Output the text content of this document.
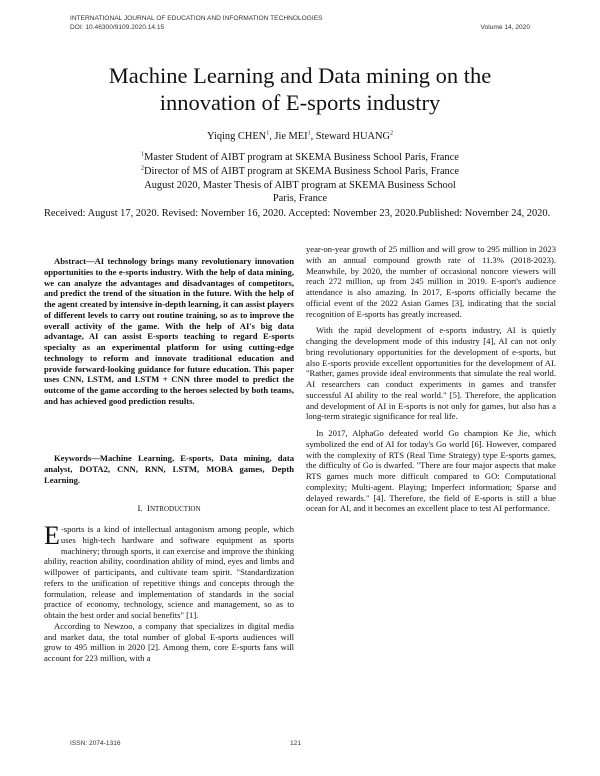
INTERNATIONAL JOURNAL OF EDUCATION AND INFORMATION TECHNOLOGIES
DOI: 10.46300/9109.2020.14.15	Volume 14, 2020
Machine Learning and Data mining on the
innovation of E-sports industry
Yiqing CHEN$^1$, Jie MEI$^1$, Steward HUANG$^2$
$^1$Master Student of AIBT program at SKEMA Business School Paris, France
$^2$Director of MS of AIBT program at SKEMA Business School Paris, France
August 2020, Master Thesis of AIBT program at SKEMA Business School
Paris, France
Received: August 17, 2020. Revised: November 16, 2020. Accepted: November 23, 2020.Published: November 24, 2020.

Abstract—AI technology brings many revolutionary innovation opportunities to the e-sports industry. With the help of data mining, we can analyze the advantages and disadvantages of competitors, and predict the trend of the situation in the future. With the help of the agent created by intensive in-depth learning, it can assist players of different levels to carry out routine training, so as to improve the overall activity of the game. With the help of AI's big data advantage, AI can assist E-sports teaching to regard E-sports specialty as an experimental platform for using cutting-edge technology to reform and innovate traditional education and provide forward-looking guidance for future education. This paper uses CNN, LSTM, and LSTM + CNN three model to predict the outcome of the game according to the heroes selected by both teams, and has achieved good prediction results.

Keywords—Machine Learning, E-sports, Data mining, data analyst, DOTA2, CNN, RNN, LSTM, MOBA games, Depth Learning.

I. INTRODUCTION

E -sports is a kind of intellectual antagonism among people, which uses high-tech hardware and software equipment as sports machinery; through sports, it can exercise and improve the thinking ability, reaction ability, coordination ability of mind, eyes and limbs and willpower of participants, and cultivate team spirit. "Standardization refers to the unification of repetitive things and concepts through the formulation, release and implementation of standards in the social practice of economy, technology, science and management, so as to obtain the best order and social benefits" [1].

According to Newzoo, a company that specializes in digital media and market data, the total number of global E-sports audiences will grow to 495 million in 2020 [2]. Among them, core E-sports fans will account for 223 million, with a

year-on-year growth of 25 million and will grow to 295 million in 2023 with an annual compound growth rate of 11.3% (2018-2023). Meanwhile, by 2020, the number of occasional noncore viewers will reach 272 million, up from 245 million in 2019. E-sport's audience attendance is also amazing. In 2017, E-sports officially became the official event of the 2022 Asian Games [3], indicating that the social recognition of E-sports has greatly increased.

With the rapid development of e-sports industry, AI is quietly changing the development mode of this industry [4], AI can not only bring revolutionary opportunities for the development of e-sports, but also E-sports provide excellent opportunities for the development of AI. "Rather, games provide ideal environments that simulate the real world. AI researchers can conduct experiments in games and transfer successful AI ability to the real world." [5]. Therefore, the application and development of AI in E-sports is not only for games, but also has a long-term strategic significance for real life.

In 2017, AlphaGo defeated world Go champion Ke Jie, which symbolized the end of AI for today's Go world [6]. However, compared with the complexity of RTS (Real Time Strategy) type E-sports games, the difficulty of Go is dwarfed. "There are four major aspects that make RTS games much more difficult compared to GO: Computational complexity; Multi-agent. Playing; Imperfect information; Sparse and delayed rewards." [4]. Therefore, the field of E-sports is still a blue ocean for AI, and it becomes an excellent place to test AI performance.

ISSN: 2074-1316	121
